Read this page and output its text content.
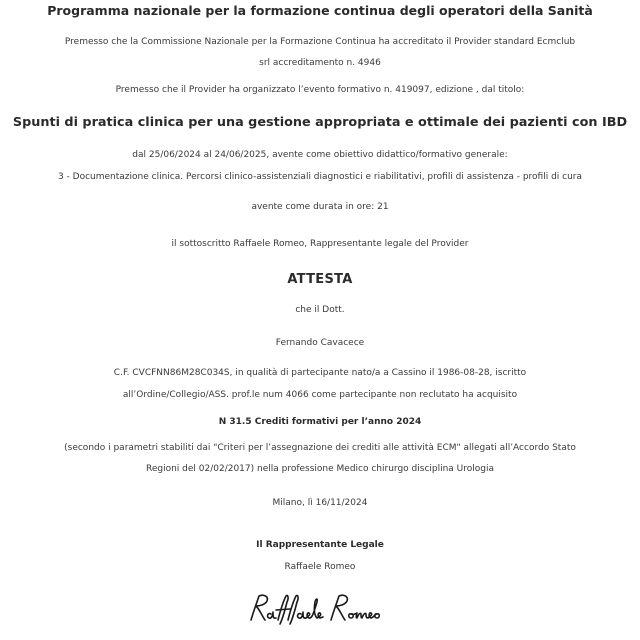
Programma nazionale per la formazione continua degli operatori della Sanità
Premesso che la Commissione Nazionale per la Formazione Continua ha accreditato il Provider standard Ecmclub
srl accreditamento n. 4946
Premesso che il Provider ha organizzato l’evento formativo n. 419097, edizione , dal titolo:
Spunti di pratica clinica per una gestione appropriata e ottimale dei pazienti con IBD
dal 25/06/2024 al 24/06/2025, avente come obiettivo didattico/formativo generale:
3 - Documentazione clinica. Percorsi clinico-assistenziali diagnostici e riabilitativi, profili di assistenza - profili di cura
avente come durata in ore: 21
il sottoscritto Raffaele Romeo, Rappresentante legale del Provider
ATTESTA
che il Dott.
Fernando Cavacece
C.F. CVCFNN86M28C034S, in qualità di partecipante nato/a a Cassino il 1986-08-28, iscritto
all’Ordine/Collegio/ASS. prof.le num 4066 come partecipante non reclutato ha acquisito
N 31.5 Crediti formativi per l’anno 2024
(secondo i parametri stabiliti dai "Criteri per l’assegnazione dei crediti alle attività ECM" allegati all’Accordo Stato
Regioni del 02/02/2017) nella professione Medico chirurgo disciplina Urologia
Milano, lì 16/11/2024
Il Rappresentante Legale
Raffaele Romeo
